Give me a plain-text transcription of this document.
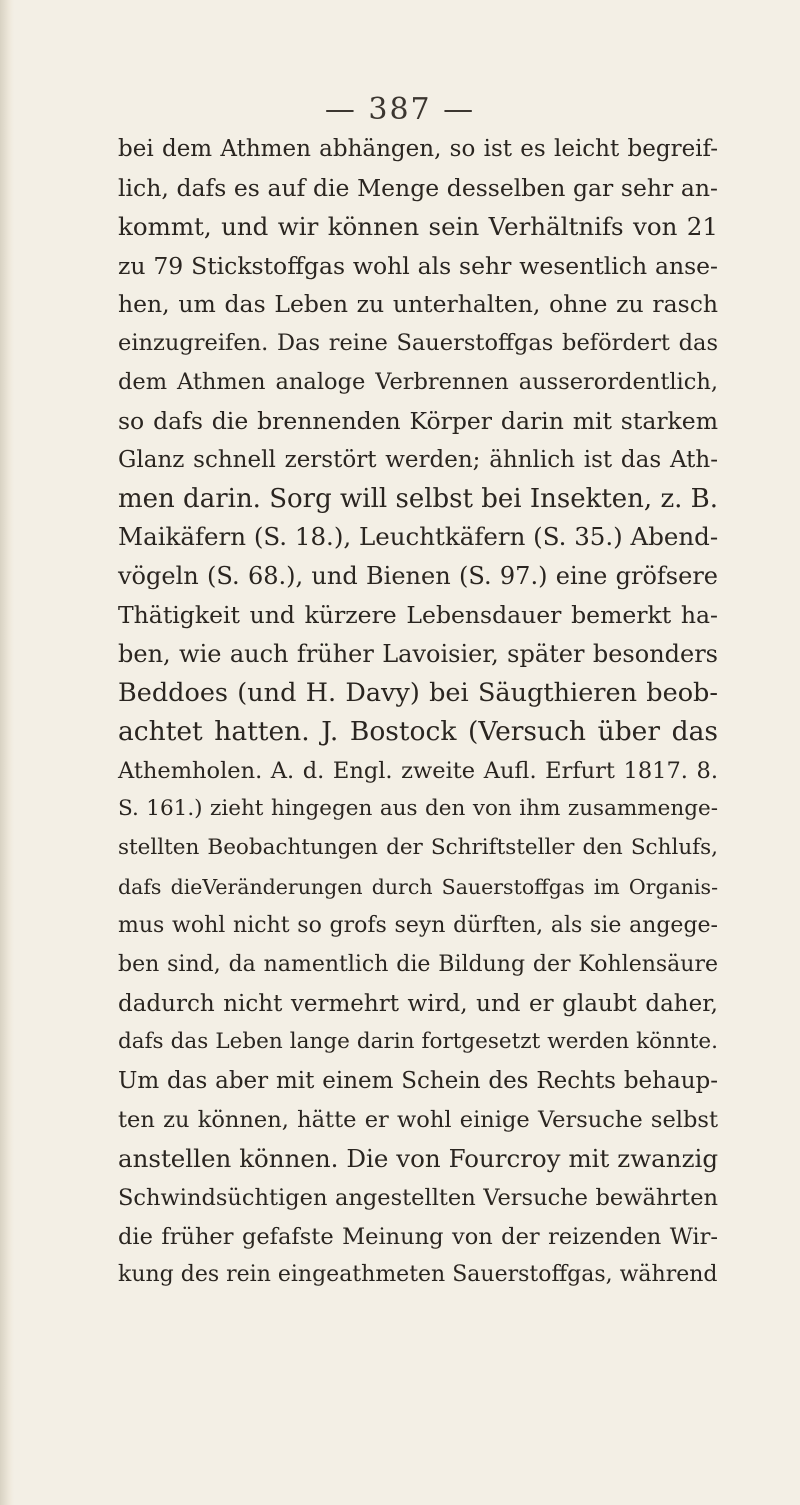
— 387 —
bei dem Athmen abhängen, so ist es leicht begreif-
lich, dafs es auf die Menge desselben gar sehr an-
kommt, und wir können sein Verhältnifs von 21
zu 79 Stickstoffgas wohl als sehr wesentlich anse-
hen, um das Leben zu unterhalten, ohne zu rasch
einzugreifen. Das reine Sauerstoffgas befördert das
dem Athmen analoge Verbrennen ausserordentlich,
so dafs die brennenden Körper darin mit starkem
Glanz schnell zerstört werden; ähnlich ist das Ath-
men darin. Sorg will selbst bei Insekten, z. B.
Maikäfern (S. 18.), Leuchtkäfern (S. 35.) Abend-
vögeln (S. 68.), und Bienen (S. 97.) eine gröfsere
Thätigkeit und kürzere Lebensdauer bemerkt ha-
ben, wie auch früher Lavoisier, später besonders
Beddoes (und H. Davy) bei Säugthieren beob-
achtet hatten. J. Bostock (Versuch über das
Athemholen. A. d. Engl. zweite Aufl. Erfurt 1817. 8.
S. 161.) zieht hingegen aus den von ihm zusammenge-
stellten Beobachtungen der Schriftsteller den Schlufs,
dafs dieVeränderungen durch Sauerstoffgas im Organis-
mus wohl nicht so grofs seyn dürften, als sie angege-
ben sind, da namentlich die Bildung der Kohlensäure
dadurch nicht vermehrt wird, und er glaubt daher,
dafs das Leben lange darin fortgesetzt werden könnte.
Um das aber mit einem Schein des Rechts behaup-
ten zu können, hätte er wohl einige Versuche selbst
anstellen können. Die von Fourcroy mit zwanzig
Schwindsüchtigen angestellten Versuche bewährten
die früher gefafste Meinung von der reizenden Wir-
kung des rein eingeathmeten Sauerstoffgas, während
